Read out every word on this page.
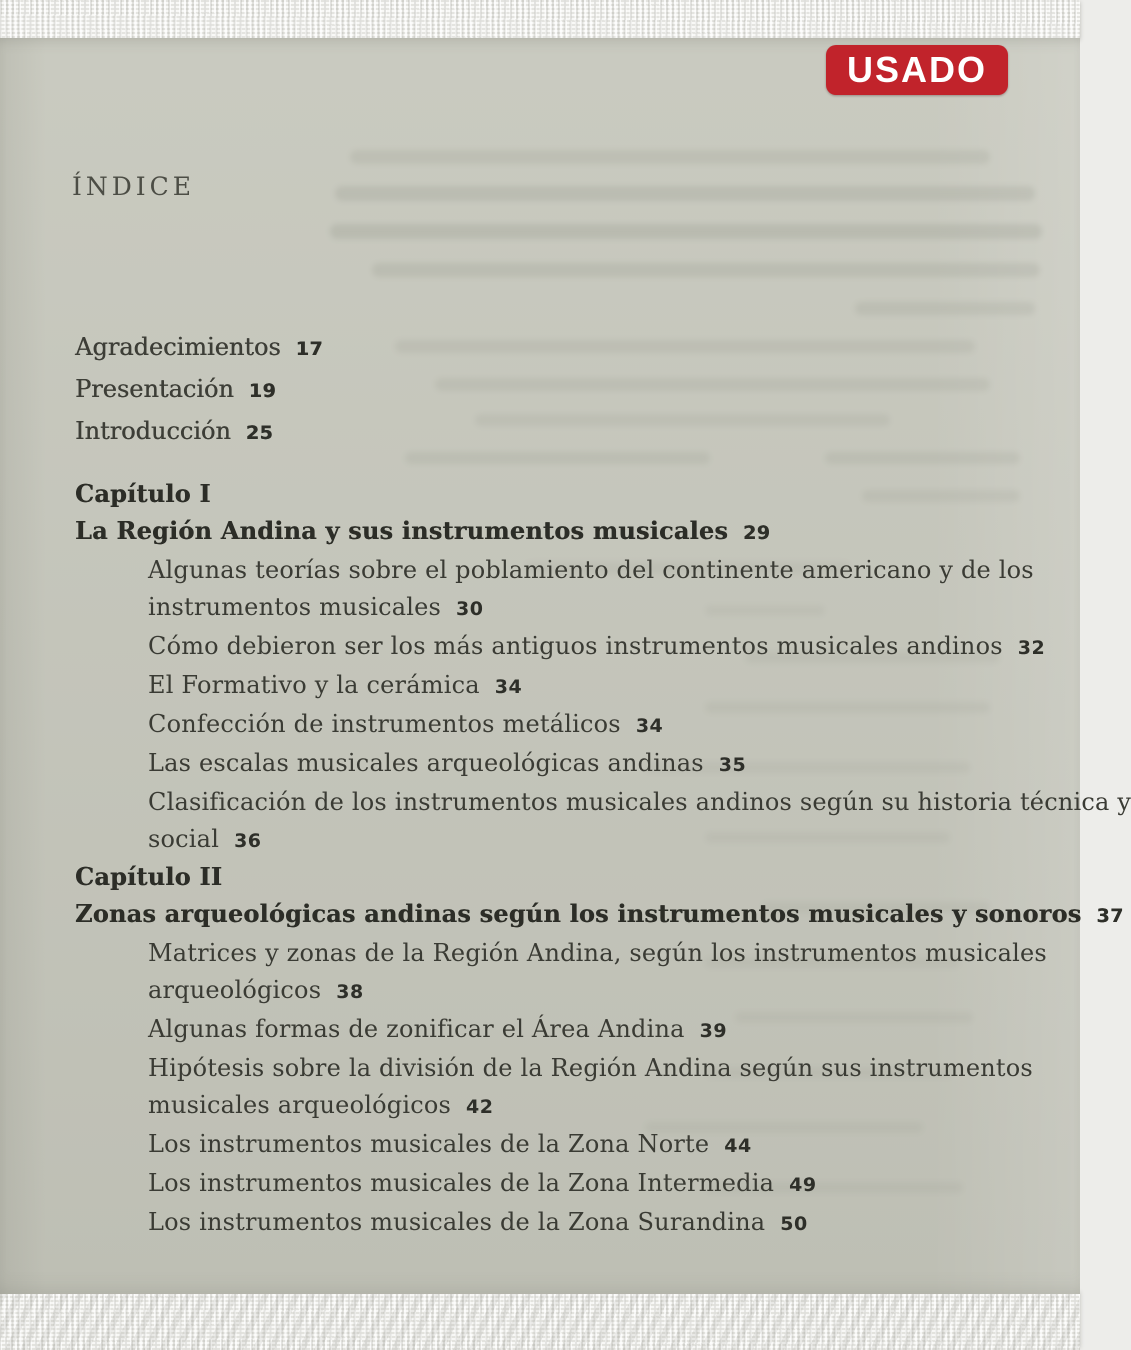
ÍNDICE
Agradecimientos 17
Presentación 19
Introducción 25
Capítulo I
La Región Andina y sus instrumentos musicales 29
Algunas teorías sobre el poblamiento del continente americano y de los
instrumentos musicales 30
Cómo debieron ser los más antiguos instrumentos musicales andinos 32
El Formativo y la cerámica 34
Confección de instrumentos metálicos 34
Las escalas musicales arqueológicas andinas 35
Clasificación de los instrumentos musicales andinos según su historia técnica y
social 36
Capítulo II
Zonas arqueológicas andinas según los instrumentos musicales y sonoros 37
Matrices y zonas de la Región Andina, según los instrumentos musicales
arqueológicos 38
Algunas formas de zonificar el Área Andina 39
Hipótesis sobre la división de la Región Andina según sus instrumentos
musicales arqueológicos 42
Los instrumentos musicales de la Zona Norte 44
Los instrumentos musicales de la Zona Intermedia 49
Los instrumentos musicales de la Zona Surandina 50
USADO
